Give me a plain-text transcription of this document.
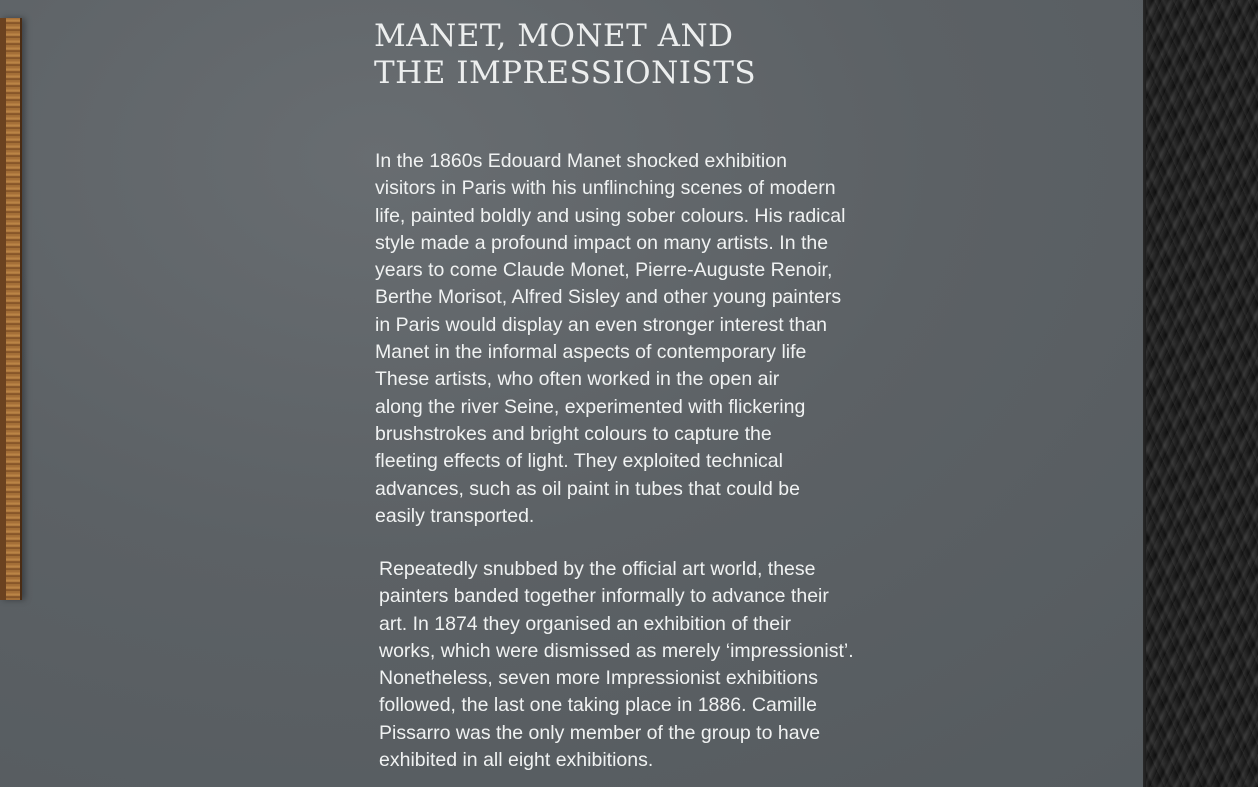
MANET, MONET AND
THE IMPRESSIONISTS

In the 1860s Edouard Manet shocked exhibition
visitors in Paris with his unflinching scenes of modern
life, painted boldly and using sober colours. His radical
style made a profound impact on many artists. In the
years to come Claude Monet, Pierre-Auguste Renoir,
Berthe Morisot, Alfred Sisley and other young painters
in Paris would display an even stronger interest than
Manet in the informal aspects of contemporary life
These artists, who often worked in the open air
along the river Seine, experimented with flickering
brushstrokes and bright colours to capture the
fleeting effects of light. They exploited technical
advances, such as oil paint in tubes that could be
easily transported.

Repeatedly snubbed by the official art world, these
painters banded together informally to advance their
art. In 1874 they organised an exhibition of their
works, which were dismissed as merely ‘impressionist’.
Nonetheless, seven more Impressionist exhibitions
followed, the last one taking place in 1886. Camille
Pissarro was the only member of the group to have
exhibited in all eight exhibitions.
